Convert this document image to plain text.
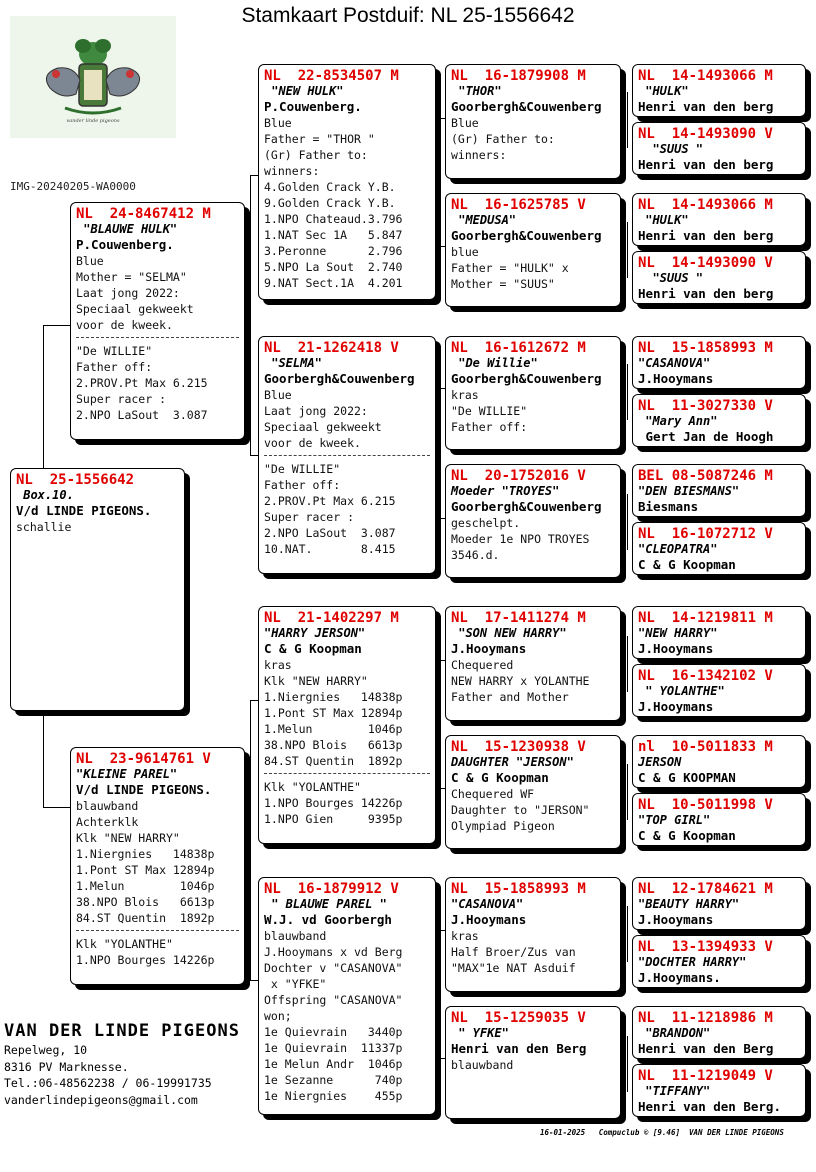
Stamkaart Postduif: NL 25-1556642
vander linde pigeons
IMG-20240205-WA0000
NL  25-1556642
Box.10.
V/d LINDE PIGEONS.
schallie
NL  24-8467412 M
"BLAUWE HULK"
P.Couwenberg.
Blue
Mother = "SELMA"
Laat jong 2022:
Speciaal gekweekt
voor de kweek.
"De WILLIE"
Father off:
2.PROV.Pt Max 6.215
Super racer :
2.NPO LaSout  3.087
NL  23-9614761 V
"KLEINE PAREL"
V/d LINDE PIGEONS.
blauwband
Achterklk
Klk "NEW HARRY"
1.Niergnies   14838p
1.Pont ST Max 12894p
1.Melun        1046p
38.NPO Blois   6613p
84.ST Quentin  1892p
Klk "YOLANTHE"
1.NPO Bourges 14226p
NL  22-8534507 M
"NEW HULK"
P.Couwenberg.
Blue
Father = "THOR "
(Gr) Father to:
winners:
4.Golden Crack Y.B.
9.Golden Crack Y.B.
1.NPO Chateaud.3.796
1.NAT Sec 1A   5.847
3.Peronne      2.796
5.NPO La Sout  2.740
9.NAT Sect.1A  4.201
NL  21-1262418 V
"SELMA"
Goorbergh&Couwenberg
Blue
Laat jong 2022:
Speciaal gekweekt
voor de kweek.
"De WILLIE"
Father off:
2.PROV.Pt Max 6.215
Super racer :
2.NPO LaSout  3.087
10.NAT.       8.415
NL  21-1402297 M
"HARRY JERSON"
C & G Koopman
kras
Klk "NEW HARRY"
1.Niergnies   14838p
1.Pont ST Max 12894p
1.Melun        1046p
38.NPO Blois   6613p
84.ST Quentin  1892p
Klk "YOLANTHE"
1.NPO Bourges 14226p
1.NPO Gien     9395p
NL  16-1879912 V
" BLAUWE PAREL "
W.J. vd Goorbergh
blauwband
J.Hooymans x vd Berg
Dochter v "CASANOVA"
x "YFKE"
Offspring "CASANOVA"
won;
1e Quievrain   3440p
1e Quievrain  11337p
1e Melun Andr  1046p
1e Sezanne      740p
1e Niergnies    455p
NL  16-1879908 M
"THOR"
Goorbergh&Couwenberg
Blue
(Gr) Father to:
winners:
NL  16-1625785 V
"MEDUSA"
Goorbergh&Couwenberg
blue
Father = "HULK" x
Mother = "SUUS"
NL  16-1612672 M
"De Willie"
Goorbergh&Couwenberg
kras
"De WILLIE"
Father off:
NL  20-1752016 V
Moeder "TROYES"
Goorbergh&Couwenberg
geschelpt.
Moeder 1e NPO TROYES
3546.d.
NL  17-1411274 M
"SON NEW HARRY"
J.Hooymans
Chequered
NEW HARRY x YOLANTHE
Father and Mother
NL  15-1230938 V
DAUGHTER "JERSON"
C & G Koopman
Chequered WF
Daughter to "JERSON"
Olympiad Pigeon
NL  15-1858993 M
"CASANOVA"
J.Hooymans
kras
Half Broer/Zus van
"MAX"1e NAT Asduif
NL  15-1259035 V
" YFKE"
Henri van den Berg
blauwband
NL  14-1493066 M
"HULK"
Henri van den berg
NL  14-1493090 V
"SUUS "
Henri van den berg
NL  14-1493066 M
"HULK"
Henri van den berg
NL  14-1493090 V
"SUUS "
Henri van den berg
NL  15-1858993 M
"CASANOVA"
J.Hooymans
NL  11-3027330 V
"Mary Ann"
Gert Jan de Hoogh
BEL 08-5087246 M
"DEN BIESMANS"
Biesmans
NL  16-1072712 V
"CLEOPATRA"
C & G Koopman
NL  14-1219811 M
"NEW HARRY"
J.Hooymans
NL  16-1342102 V
" YOLANTHE"
J.Hooymans
nl  10-5011833 M
JERSON
C & G KOOPMAN
NL  10-5011998 V
"TOP GIRL"
C & G Koopman
NL  12-1784621 M
"BEAUTY HARRY"
J.Hooymans
NL  13-1394933 V
"DOCHTER HARRY"
J.Hooymans.
NL  11-1218986 M
"BRANDON"
Henri van den Berg
NL  11-1219049 V
"TIFFANY"
Henri van den Berg.
VAN DER LINDE PIGEONS
Repelweg, 10
8316 PV Marknesse.
Tel.:06-48562238 / 06-19991735
vanderlindepigeons@gmail.com
16-01-2025   Compuclub © [9.46]  VAN DER LINDE PIGEONS
